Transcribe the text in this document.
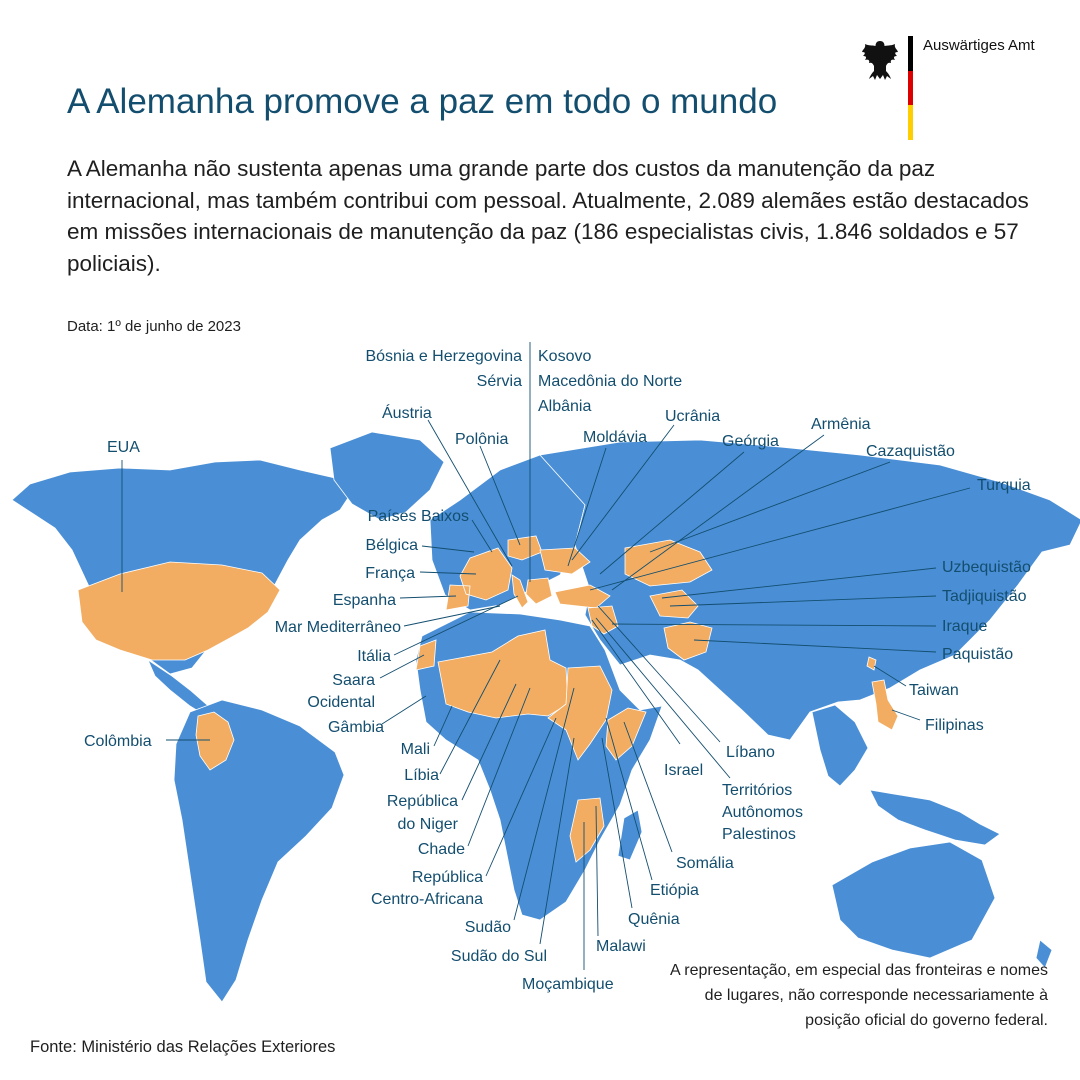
Auswärtiges Amt
A Alemanha promove a paz em todo o mundo

A Alemanha não sustenta apenas uma grande parte dos custos da manutenção da paz internacional, mas também contribui com pessoal. Atualmente, 2.089 alemães estão destacados em missões internacionais de manutenção da paz (186 especialistas civis, 1.846 soldados e 57 policiais).

Data: 1º de junho de 2023
EUA
Colômbia
Bósnia e Herzegovina
Sérvia
Kosovo
Macedônia do Norte
Albânia
Áustria
Polônia	Moldávia
Ucrânia
Geórgia
Armênia
Cazaquistão
Turquia
Países Baixos
Bélgica
França
Espanha
Mar Mediterrâneo
Itália
Saara
Ocidental
Gâmbia
Mali
Líbia
República
do Niger
Chade
República
Centro-Africana
Sudão
Sudão do Sul
Moçambique
Malawi
Quênia
Etiópia
Somália
Israel
Territórios
Autônomos
Palestinos
Líbano
Uzbequistão
Tadjiquistão
Iraque
Paquistão
Taiwan
Filipinas

A representação, em especial das fronteiras e nomes de lugares, não corresponde necessariamente à posição oficial do governo federal.

Fonte: Ministério das Relações Exteriores
